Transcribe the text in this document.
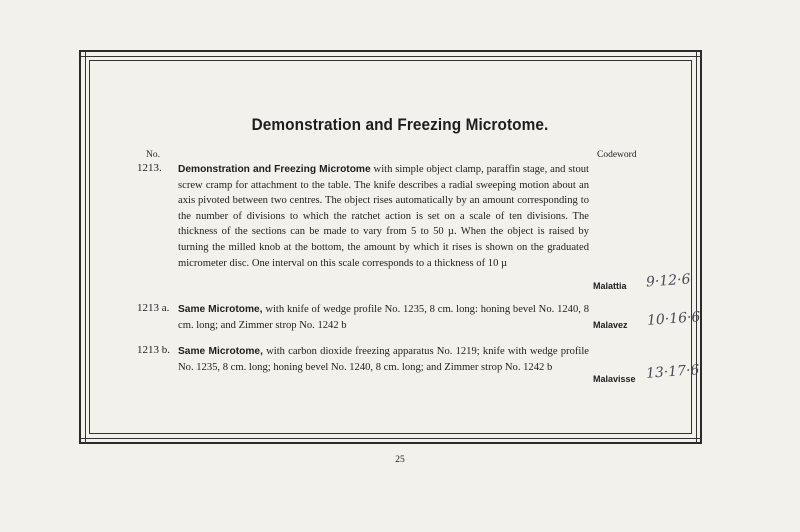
Demonstration and Freezing Microtome.
No.	Codeword
1213. Demonstration and Freezing Microtome with simple object clamp, paraffin stage, and stout screw cramp for attachment to the table. The knife describes a radial sweeping motion about an axis pivoted between two centres. The object rises automatically by an amount corresponding to the number of divisions to which the ratchet action is set on a scale of ten divisions. The thickness of the sections can be made to vary from 5 to 50 µ. When the object is raised by turning the milled knob at the bottom, the amount by which it rises is shown on the graduated micrometer disc. One interval on this scale corresponds to a thickness of 10 µ
Malattia 9·12·6
1213 a. Same Microtome, with knife of wedge profile No. 1235, 8 cm. long: honing bevel No. 1240, 8 cm. long; and Zimmer strop No. 1242 b	Malavez 10·16·6
1213 b. Same Microtome, with carbon dioxide freezing apparatus No. 1219; knife with wedge profile No. 1235, 8 cm. long; honing bevel No. 1240, 8 cm. long; and Zimmer strop No. 1242 b
Malavisse 13·17·6
25
